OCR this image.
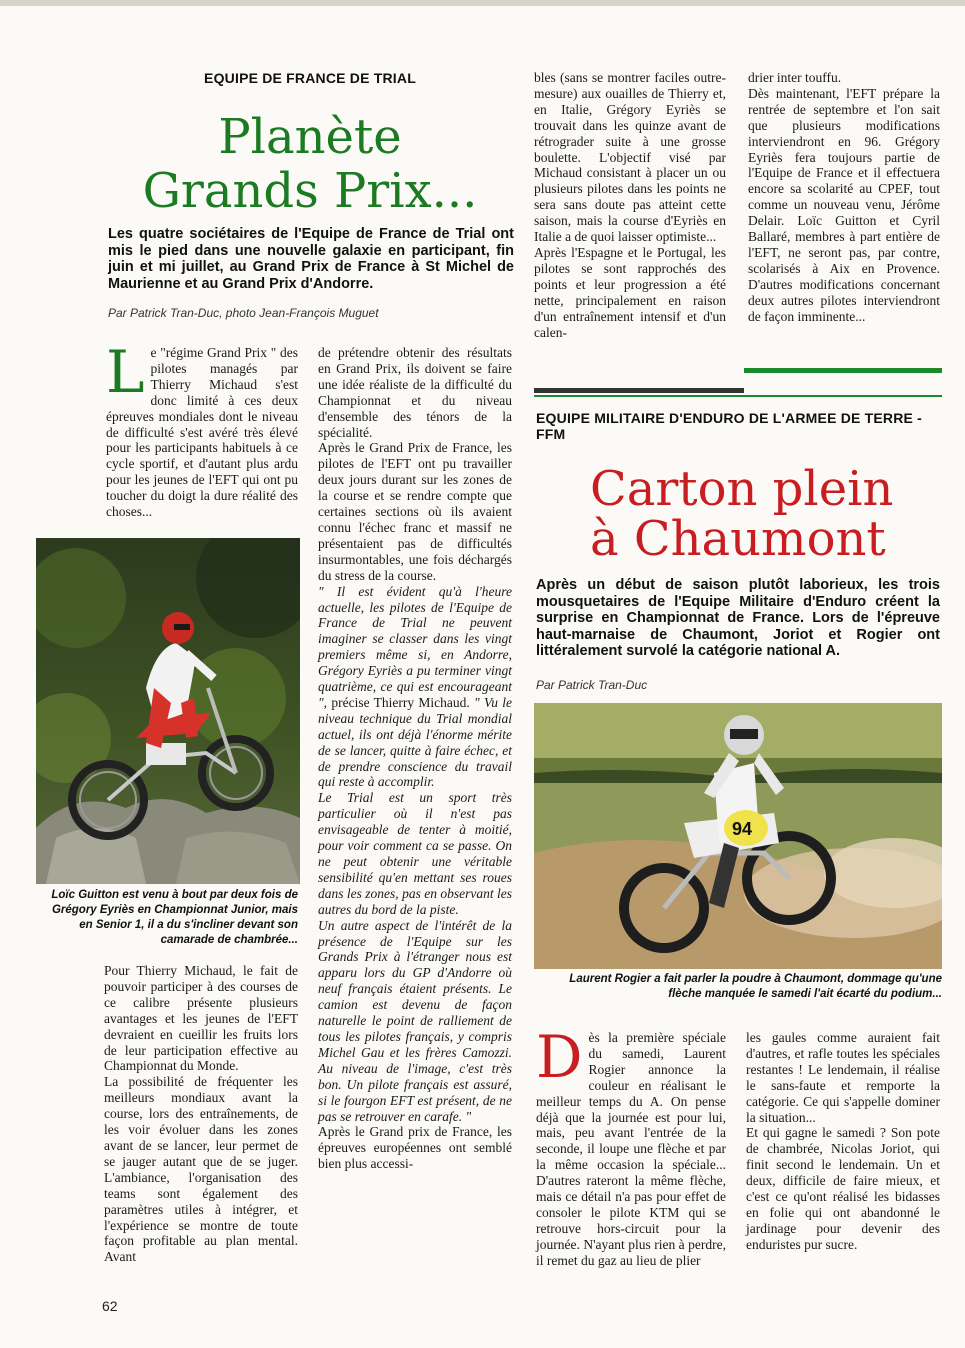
EQUIPE DE FRANCE DE TRIAL
Planète
Grands Prix...
Les quatre sociétaires de l'Equipe de France de Trial ont mis le pied dans une nouvelle galaxie en participant, fin juin et mi juillet, au Grand Prix de France à St Michel de Maurienne et au Grand Prix d'Andorre.
Par Patrick Tran-Duc, photo Jean-François Muguet
L e "régime Grand Prix " des pilotes managés par Thierry Michaud s'est donc limité à ces deux épreuves mondiales dont le niveau de difficulté s'est avéré très élevé pour les participants habituels à ce cycle sportif, et d'autant plus ardu pour les jeunes de l'EFT qui ont pu toucher du doigt la dure réalité des choses...
Loïc Guitton est venu à bout par deux fois de Grégory Eyriès en Championnat Junior, mais en Senior 1, il a du s'incliner devant son camarade de chambrée...

Pour Thierry Michaud, le fait de pouvoir participer à des courses de ce calibre présente plusieurs avantages et les jeunes de l'EFT devraient en cueillir les fruits lors de leur participation effective au Championnat du Monde.

La possibilité de fréquenter les meilleurs mondiaux avant la course, lors des entraînements, de les voir évoluer dans les zones avant de se lancer, leur permet de se jauger autant que de se juger. L'ambiance, l'organisation des teams sont également des paramètres utiles à intégrer, et l'expérience se montre de toute façon profitable au plan mental. Avant

de prétendre obtenir des résultats en Grand Prix, ils doivent se faire une idée réaliste de la difficulté du Championnat et du niveau d'ensemble des ténors de la spécialité.

Après le Grand Prix de France, les pilotes de l'EFT ont pu travailler deux jours durant sur les zones de la course et se rendre compte que certaines sections où ils avaient connu l'échec franc et massif ne présentaient pas de difficultés insurmontables, une fois déchargés du stress de la course.

" Il est évident qu'à l'heure actuelle, les pilotes de l'Equipe de France de Trial ne peuvent imaginer se classer dans les vingt premiers même si, en Andorre, Grégory Eyriès a pu terminer vingt quatrième, ce qui est encourageant ", précise Thierry Michaud. " Vu le niveau technique du Trial mondial actuel, ils ont déjà l'énorme mérite de se lancer, quitte à faire échec, et de prendre conscience du travail qui reste à accomplir.

Le Trial est un sport très particulier où il n'est pas envisageable de tenter à moitié, pour voir comment ca se passe. On ne peut obtenir une véritable sensibilité qu'en mettant ses roues dans les zones, pas en observant les autres du bord de la piste.

Un autre aspect de l'intérêt de la présence de l'Equipe sur les Grands Prix à l'étranger nous est apparu lors du GP d'Andorre où neuf français étaient présents. Le camion est devenu de façon naturelle le point de ralliement de tous les pilotes français, y compris Michel Gau et les frères Camozzi. Au niveau de l'image, c'est très bon. Un pilote français est assuré, si le fourgon EFT est présent, de ne pas se retrouver en carafe. "

Après le Grand prix de France, les épreuves européennes ont semblé bien plus accessi-

bles (sans se montrer faciles outre-mesure) aux ouailles de Thierry et, en Italie, Grégory Eyriès se trouvait dans les quinze avant de rétrograder suite à une grosse boulette. L'objectif visé par Michaud consistant à placer un ou plusieurs pilotes dans les points ne sera sans doute pas atteint cette saison, mais la course d'Eyriès en Italie a de quoi laisser optimiste...

Après l'Espagne et le Portugal, les pilotes se sont rapprochés des points et leur progression a été nette, principalement en raison d'un entraînement intensif et d'un calen-

drier inter touffu.

Dès maintenant, l'EFT prépare la rentrée de septembre et l'on sait que plusieurs modifications interviendront en 96. Grégory Eyriès fera toujours partie de l'Equipe de France et il effectuera encore sa scolarité au CPEF, tout comme un nouveau venu, Jérôme Delair. Loïc Guitton et Cyril Ballaré, membres à part entière de l'EFT, ne seront pas, par contre, scolarisés à Aix en Provence. D'autres modifications concernant deux autres pilotes interviendront de façon imminente...

EQUIPE MILITAIRE D'ENDURO DE L'ARMEE DE TERRE -FFM
Carton plein
à Chaumont
Après un début de saison plutôt laborieux, les trois mousquetaires de l'Equipe Militaire d'Enduro créent la surprise en Championnat de France. Lors de l'épreuve haut-marnaise de Chaumont, Joriot et Rogier ont littéralement survolé la catégorie national A.
Par Patrick Tran-Duc
94
Laurent Rogier a fait parler la poudre à Chaumont, dommage qu'une flèche manquée le samedi l'ait écarté du podium...
D ès la première spéciale du samedi, Laurent Rogier annonce la couleur en réalisant le meilleur temps du A. On pense déjà que la journée est pour lui, mais, peu avant l'entrée de la seconde, il loupe une flèche et par la même occasion la spéciale... D'autres rateront la même flèche, mais ce détail n'a pas pour effet de consoler le pilote KTM qui se retrouve hors-circuit pour la journée. N'ayant plus rien à perdre, il remet du gaz au lieu de plier

les gaules comme auraient fait d'autres, et rafle toutes les spéciales restantes ! Le lendemain, il réalise le sans-faute et remporte la catégorie. Ce qui s'appelle dominer la situation...

Et qui gagne le samedi ? Son pote de chambrée, Nicolas Joriot, qui finit second le lendemain. Un et deux, difficile de faire mieux, et c'est ce qu'ont réalisé les bidasses en folie qui ont abandonné le jardinage pour devenir des enduristes pur sucre.

62
